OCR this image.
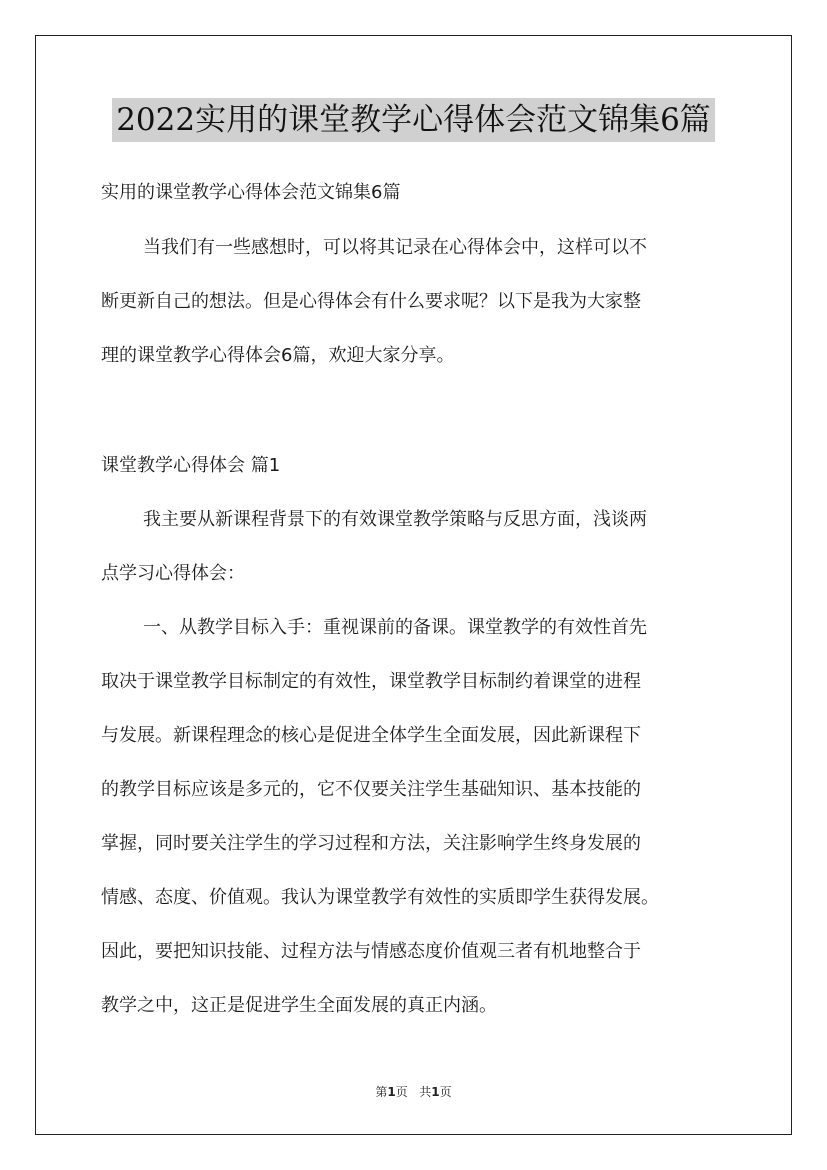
2022实用的课堂教学心得体会范文锦集6篇
实用的课堂教学心得体会范文锦集6篇
当我们有一些感想时，可以将其记录在心得体会中，这样可以不
断更新自己的想法。但是心得体会有什么要求呢？以下是我为大家整
理的课堂教学心得体会6篇，欢迎大家分享。
课堂教学心得体会 篇1
我主要从新课程背景下的有效课堂教学策略与反思方面，浅谈两
点学习心得体会：
一、从教学目标入手：重视课前的备课。课堂教学的有效性首先
取决于课堂教学目标制定的有效性，课堂教学目标制约着课堂的进程
与发展。新课程理念的核心是促进全体学生全面发展，因此新课程下
的教学目标应该是多元的，它不仅要关注学生基础知识、基本技能的
掌握，同时要关注学生的学习过程和方法，关注影响学生终身发展的
情感、态度、价值观。我认为课堂教学有效性的实质即学生获得发展。
因此，要把知识技能、过程方法与情感态度价值观三者有机地整合于
教学之中，这正是促进学生全面发展的真正内涵。
第1页 共1页
